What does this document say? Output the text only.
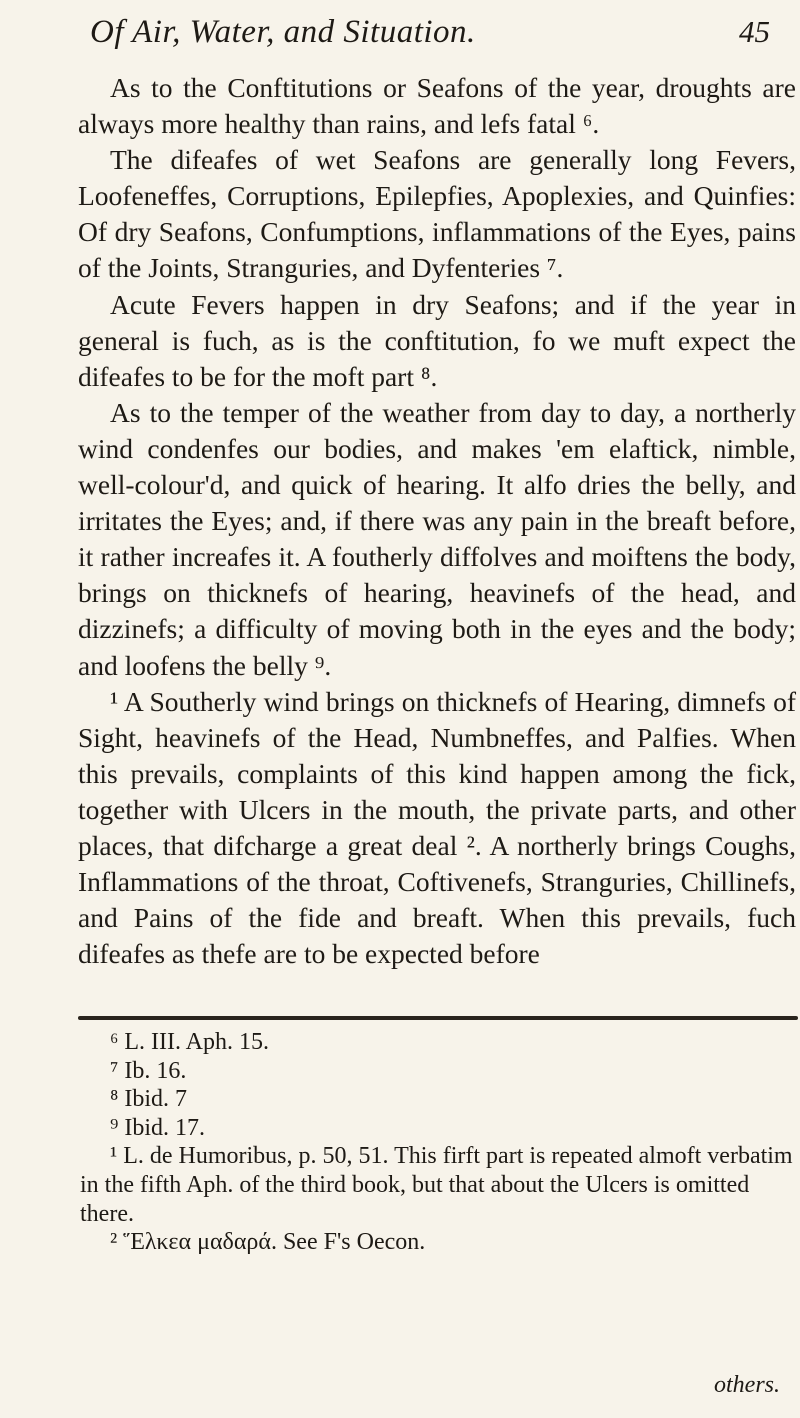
Of Air, Water, and Situation.	45

As to the Conftitutions or Seafons of the year, droughts are always more healthy than rains, and lefs fatal ⁶.

The difeafes of wet Seafons are generally long Fevers, Loofeneffes, Corruptions, Epilepfies, Apoplexies, and Quinfies: Of dry Seafons, Confumptions, inflammations of the Eyes, pains of the Joints, Stranguries, and Dyfenteries ⁷.

Acute Fevers happen in dry Seafons; and if the year in general is fuch, as is the conftitution, fo we muft expect the difeafes to be for the moft part ⁸.

As to the temper of the weather from day to day, a northerly wind condenfes our bodies, and makes 'em elaftick, nimble, well-colour'd, and quick of hearing. It alfo dries the belly, and irritates the Eyes; and, if there was any pain in the breaft before, it rather increafes it. A foutherly diffolves and moiftens the body, brings on thicknefs of hearing, heavinefs of the head, and dizzinefs; a difficulty of moving both in the eyes and the body; and loofens the belly ⁹.

¹ A Southerly wind brings on thicknefs of Hearing, dimnefs of Sight, heavinefs of the Head, Numbneffes, and Palfies. When this prevails, complaints of this kind happen among the fick, together with Ulcers in the mouth, the private parts, and other places, that difcharge a great deal ². A northerly brings Coughs, Inflammations of the throat, Coftivenefs, Stranguries, Chillinefs, and Pains of the fide and breaft. When this prevails, fuch difeafes as thefe are to be expected before

⁶ L. III. Aph. 15.

⁷ Ib. 16.

⁸ Ibid. 7

⁹ Ibid. 17.

¹ L. de Humoribus, p. 50, 51. This firft part is repeated almoft verbatim in the fifth Aph. of the third book, but that about the Ulcers is omitted there.

² Ἕλκεα μαδαρά. See F's Oecon.

others.
